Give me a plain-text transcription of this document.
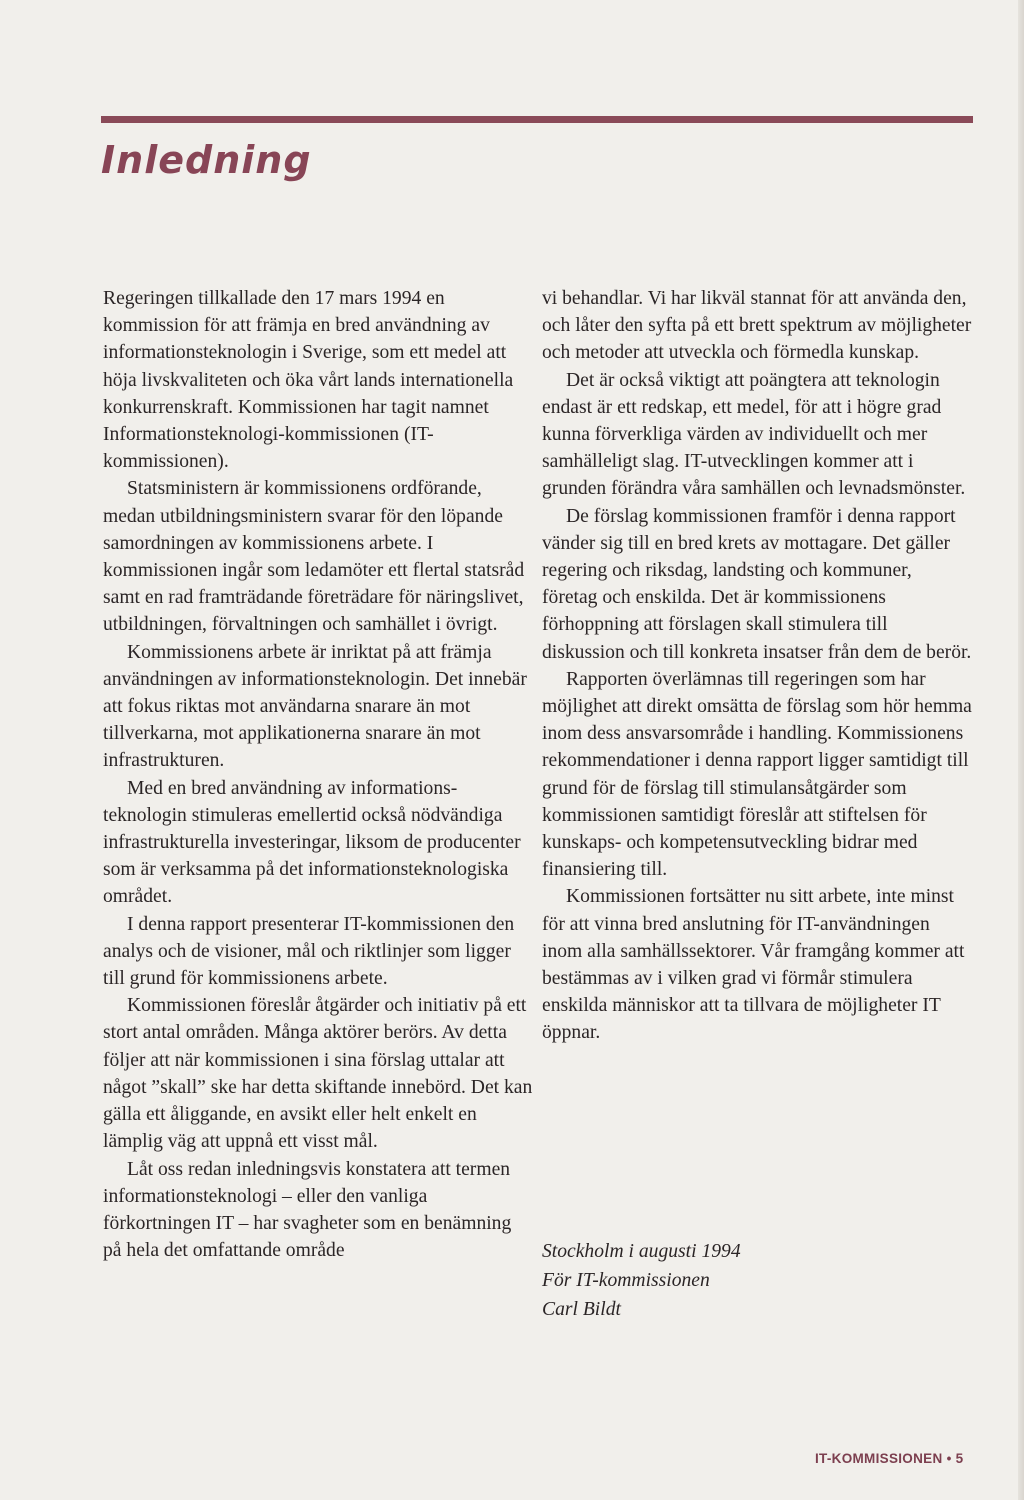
Inledning

Regeringen tillkallade den 17 mars 1994 en kommission för att främja en bred användning av informationsteknologin i Sverige, som ett medel att höja livskvaliteten och öka vårt lands internationella konkurrenskraft. Kommissionen har tagit namnet Informationsteknologi-kommissionen (IT-kommissionen).

Statsministern är kommissionens ordförande, medan utbildningsministern svarar för den löpande samordningen av kommissionens arbete. I kommissionen ingår som ledamöter ett flertal statsråd samt en rad framträdande företrädare för näringslivet, utbildningen, förvaltningen och samhället i övrigt.

Kommissionens arbete är inriktat på att främja användningen av informationsteknologin. Det innebär att fokus riktas mot användarna snarare än mot tillverkarna, mot applikationerna snarare än mot infrastrukturen.

Med en bred användning av informations-teknologin stimuleras emellertid också nödvändiga infrastrukturella investeringar, liksom de producenter som är verksamma på det informationsteknologiska området.

I denna rapport presenterar IT-kommissionen den analys och de visioner, mål och riktlinjer som ligger till grund för kommissionens arbete.

Kommissionen föreslår åtgärder och initiativ på ett stort antal områden. Många aktörer berörs. Av detta följer att när kommissionen i sina förslag uttalar att något ”skall” ske har detta skiftande innebörd. Det kan gälla ett åliggande, en avsikt eller helt enkelt en lämplig väg att uppnå ett visst mål.

Låt oss redan inledningsvis konstatera att termen informationsteknologi – eller den vanliga förkortningen IT – har svagheter som en benämning på hela det omfattande område

vi behandlar. Vi har likväl stannat för att använda den, och låter den syfta på ett brett spektrum av möjligheter och metoder att utveckla och förmedla kunskap.

Det är också viktigt att poängtera att teknologin endast är ett redskap, ett medel, för att i högre grad kunna förverkliga värden av individuellt och mer samhälleligt slag. IT-utvecklingen kommer att i grunden förändra våra samhällen och levnadsmönster.

De förslag kommissionen framför i denna rapport vänder sig till en bred krets av mottagare. Det gäller regering och riksdag, landsting och kommuner, företag och enskilda. Det är kommissionens förhoppning att förslagen skall stimulera till diskussion och till konkreta insatser från dem de berör.

Rapporten överlämnas till regeringen som har möjlighet att direkt omsätta de förslag som hör hemma inom dess ansvarsområde i handling. Kommissionens rekommendationer i denna rapport ligger samtidigt till grund för de förslag till stimulansåtgärder som kommissionen samtidigt föreslår att stiftelsen för kunskaps- och kompetensutveckling bidrar med finansiering till.

Kommissionen fortsätter nu sitt arbete, inte minst för att vinna bred anslutning för IT-användningen inom alla samhällssektorer. Vår framgång kommer att bestämmas av i vilken grad vi förmår stimulera enskilda människor att ta tillvara de möjligheter IT öppnar.

Stockholm i augusti 1994
För IT-kommissionen
Carl Bildt
IT-KOMMISSIONEN • 5
